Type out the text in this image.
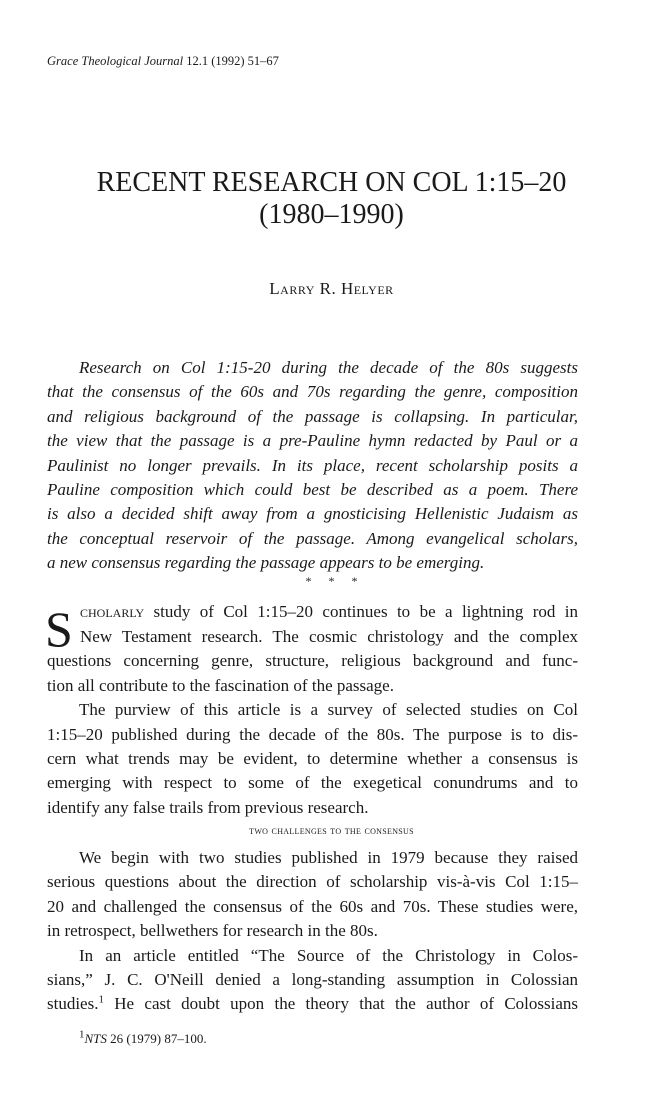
Grace Theological Journal 12.1 (1992) 51–67
RECENT RESEARCH ON COL 1:15–20
(1980–1990)
Larry R. Helyer
Research on Col 1:15-20 during the decade of the 80s suggests
that the consensus of the 60s and 70s regarding the genre, composition
and religious background of the passage is collapsing. In particular,
the view that the passage is a pre-Pauline hymn redacted by Paul or a
Paulinist no longer prevails. In its place, recent scholarship posits a
Pauline composition which could best be described as a poem. There
is also a decided shift away from a gnosticising Hellenistic Judaism as
the conceptual reservoir of the passage. Among evangelical scholars,
a new consensus regarding the passage appears to be emerging.
* * *
S cholarly study of Col 1:15–20 continues to be a lightning rod in
New Testament research. The cosmic christology and the complex
questions concerning genre, structure, religious background and func-
tion all contribute to the fascination of the passage.
The purview of this article is a survey of selected studies on Col
1:15–20 published during the decade of the 80s. The purpose is to dis-
cern what trends may be evident, to determine whether a consensus is
emerging with respect to some of the exegetical conundrums and to
identify any false trails from previous research.
two challenges to the consensus
We begin with two studies published in 1979 because they raised
serious questions about the direction of scholarship vis-à-vis Col 1:15–
20 and challenged the consensus of the 60s and 70s. These studies were,
in retrospect, bellwethers for research in the 80s.
In an article entitled “The Source of the Christology in Colos-
sians,” J. C. O'Neill denied a long-standing assumption in Colossian
studies.$^1$ He cast doubt upon the theory that the author of Colossians
$^1$NTS 26 (1979) 87–100.
